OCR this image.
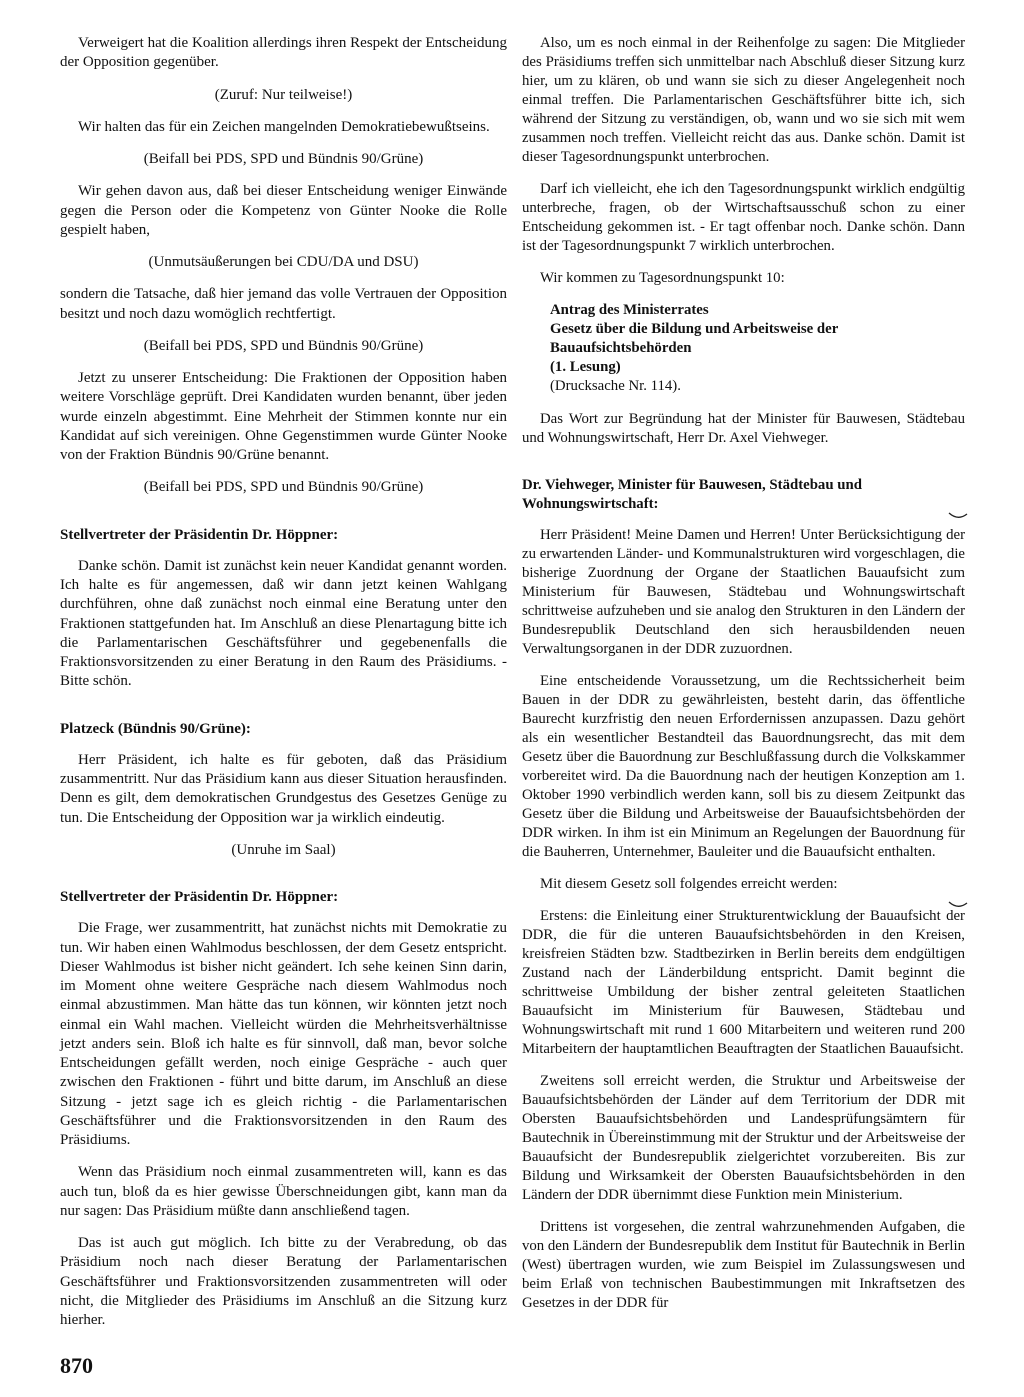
Verweigert hat die Koalition allerdings ihren Respekt der Entscheidung der Opposition gegenüber.

(Zuruf: Nur teilweise!)

Wir halten das für ein Zeichen mangelnden Demokratiebewußtseins.

(Beifall bei PDS, SPD und Bündnis 90/Grüne)

Wir gehen davon aus, daß bei dieser Entscheidung weniger Einwände gegen die Person oder die Kompetenz von Günter Nooke die Rolle gespielt haben,

(Unmutsäußerungen bei CDU/DA und DSU)

sondern die Tatsache, daß hier jemand das volle Vertrauen der Opposition besitzt und noch dazu womöglich rechtfertigt.

(Beifall bei PDS, SPD und Bündnis 90/Grüne)

Jetzt zu unserer Entscheidung: Die Fraktionen der Opposition haben weitere Vorschläge geprüft. Drei Kandidaten wurden benannt, über jeden wurde einzeln abgestimmt. Eine Mehrheit der Stimmen konnte nur ein Kandidat auf sich vereinigen. Ohne Gegenstimmen wurde Günter Nooke von der Fraktion Bündnis 90/Grüne benannt.

(Beifall bei PDS, SPD und Bündnis 90/Grüne)

Stellvertreter der Präsidentin Dr. Höppner:

Danke schön. Damit ist zunächst kein neuer Kandidat genannt worden. Ich halte es für angemessen, daß wir dann jetzt keinen Wahlgang durchführen, ohne daß zunächst noch einmal eine Beratung unter den Fraktionen stattgefunden hat. Im Anschluß an diese Plenartagung bitte ich die Parlamentarischen Geschäftsführer und gegebenenfalls die Fraktionsvorsitzenden zu einer Beratung in den Raum des Präsidiums. - Bitte schön.

Platzeck (Bündnis 90/Grüne):

Herr Präsident, ich halte es für geboten, daß das Präsidium zusammentritt. Nur das Präsidium kann aus dieser Situation herausfinden. Denn es gilt, dem demokratischen Grundgestus des Gesetzes Genüge zu tun. Die Entscheidung der Opposition war ja wirklich eindeutig.

(Unruhe im Saal)

Stellvertreter der Präsidentin Dr. Höppner:

Die Frage, wer zusammentritt, hat zunächst nichts mit Demokratie zu tun. Wir haben einen Wahlmodus beschlossen, der dem Gesetz entspricht. Dieser Wahlmodus ist bisher nicht geändert. Ich sehe keinen Sinn darin, im Moment ohne weitere Gespräche nach diesem Wahlmodus noch einmal abzustimmen. Man hätte das tun können, wir könnten jetzt noch einmal ein Wahl machen. Vielleicht würden die Mehrheitsverhältnisse jetzt anders sein. Bloß ich halte es für sinnvoll, daß man, bevor solche Entscheidungen gefällt werden, noch einige Gespräche - auch quer zwischen den Fraktionen - führt und bitte darum, im Anschluß an diese Sitzung - jetzt sage ich es gleich richtig - die Parlamentarischen Geschäftsführer und die Fraktionsvorsitzenden in den Raum des Präsidiums.

Wenn das Präsidium noch einmal zusammentreten will, kann es das auch tun, bloß da es hier gewisse Überschneidungen gibt, kann man da nur sagen: Das Präsidium müßte dann anschließend tagen.

Das ist auch gut möglich. Ich bitte zu der Verabredung, ob das Präsidium noch nach dieser Beratung der Parlamentarischen Geschäftsführer und Fraktionsvorsitzenden zusammentreten will oder nicht, die Mitglieder des Präsidiums im Anschluß an die Sitzung kurz hierher.

Also, um es noch einmal in der Reihenfolge zu sagen: Die Mitglieder des Präsidiums treffen sich unmittelbar nach Abschluß dieser Sitzung kurz hier, um zu klären, ob und wann sie sich zu dieser Angelegenheit noch einmal treffen. Die Parlamentarischen Geschäftsführer bitte ich, sich während der Sitzung zu verständigen, ob, wann und wo sie sich mit wem zusammen noch treffen. Vielleicht reicht das aus. Danke schön. Damit ist dieser Tagesordnungspunkt unterbrochen.

Darf ich vielleicht, ehe ich den Tagesordnungspunkt wirklich endgültig unterbreche, fragen, ob der Wirtschaftsausschuß schon zu einer Entscheidung gekommen ist. - Er tagt offenbar noch. Danke schön. Dann ist der Tagesordnungspunkt 7 wirklich unterbrochen.

Wir kommen zu Tagesordnungspunkt 10:

Antrag des Ministerrates
Gesetz über die Bildung und Arbeitsweise der Bauaufsichtsbehörden
(1. Lesung)
(Drucksache Nr. 114).

Das Wort zur Begründung hat der Minister für Bauwesen, Städtebau und Wohnungswirtschaft, Herr Dr. Axel Viehweger.

Dr. Viehweger, Minister für Bauwesen, Städtebau und Wohnungswirtschaft:

Herr Präsident! Meine Damen und Herren! Unter Berücksichtigung der zu erwartenden Länder- und Kommunalstrukturen wird vorgeschlagen, die bisherige Zuordnung der Organe der Staatlichen Bauaufsicht zum Ministerium für Bauwesen, Städtebau und Wohnungswirtschaft schrittweise aufzuheben und sie analog den Strukturen in den Ländern der Bundesrepublik Deutschland den sich herausbildenden neuen Verwaltungsorganen in der DDR zuzuordnen.

Eine entscheidende Voraussetzung, um die Rechtssicherheit beim Bauen in der DDR zu gewährleisten, besteht darin, das öffentliche Baurecht kurzfristig den neuen Erfordernissen anzupassen. Dazu gehört als ein wesentlicher Bestandteil das Bauordnungsrecht, das mit dem Gesetz über die Bauordnung zur Beschlußfassung durch die Volkskammer vorbereitet wird. Da die Bauordnung nach der heutigen Konzeption am 1. Oktober 1990 verbindlich werden kann, soll bis zu diesem Zeitpunkt das Gesetz über die Bildung und Arbeitsweise der Bauaufsichtsbehörden der DDR wirken. In ihm ist ein Minimum an Regelungen der Bauordnung für die Bauherren, Unternehmer, Bauleiter und die Bauaufsicht enthalten.

Mit diesem Gesetz soll folgendes erreicht werden:

Erstens: die Einleitung einer Strukturentwicklung der Bauaufsicht der DDR, die für die unteren Bauaufsichtsbehörden in den Kreisen, kreisfreien Städten bzw. Stadtbezirken in Berlin bereits dem endgültigen Zustand nach der Länderbildung entspricht. Damit beginnt die schrittweise Umbildung der bisher zentral geleiteten Staatlichen Bauaufsicht im Ministerium für Bauwesen, Städtebau und Wohnungswirtschaft mit rund 1 600 Mitarbeitern und weiteren rund 200 Mitarbeitern der hauptamtlichen Beauftragten der Staatlichen Bauaufsicht.

Zweitens soll erreicht werden, die Struktur und Arbeitsweise der Bauaufsichtsbehörden der Länder auf dem Territorium der DDR mit Obersten Bauaufsichtsbehörden und Landesprüfungsämtern für Bautechnik in Übereinstimmung mit der Struktur und der Arbeitsweise der Bauaufsicht der Bundesrepublik zielgerichtet vorzubereiten. Bis zur Bildung und Wirksamkeit der Obersten Bauaufsichtsbehörden in den Ländern der DDR übernimmt diese Funktion mein Ministerium.

Drittens ist vorgesehen, die zentral wahrzunehmenden Aufgaben, die von den Ländern der Bundesrepublik dem Institut für Bautechnik in Berlin (West) übertragen wurden, wie zum Beispiel im Zulassungswesen und beim Erlaß von technischen Baubestimmungen mit Inkraftsetzen des Gesetzes in der DDR für

870
